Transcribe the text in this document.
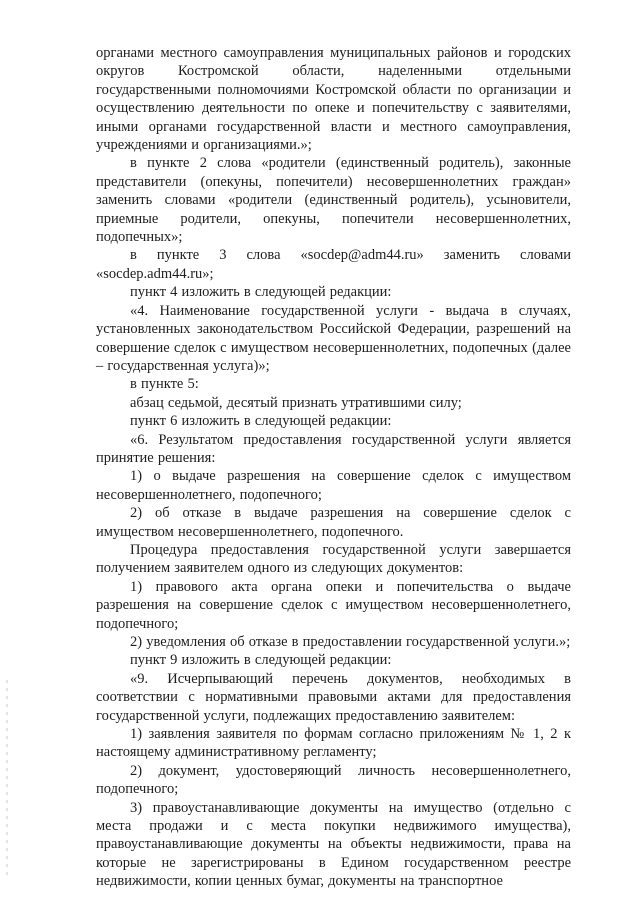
органами местного самоуправления муниципальных районов и городских округов Костромской области, наделенными отдельными государственными полномочиями Костромской области по организации и осуществлению деятельности по опеке и попечительству с заявителями, иными органами государственной власти и местного самоуправления, учреждениями и организациями.»;

в пункте 2 слова «родители (единственный родитель), законные представители (опекуны, попечители) несовершеннолетних граждан» заменить словами «родители (единственный родитель), усыновители, приемные родители, опекуны, попечители несовершеннолетних, подопечных»;

в пункте 3 слова «socdep@adm44.ru» заменить словами «socdep.adm44.ru»;

пункт 4 изложить в следующей редакции:

«4. Наименование государственной услуги - выдача в случаях, установленных законодательством Российской Федерации, разрешений на совершение сделок с имуществом несовершеннолетних, подопечных (далее – государственная услуга)»;

в пункте 5:

абзац седьмой, десятый признать утратившими силу;

пункт 6 изложить в следующей редакции:

«6. Результатом предоставления государственной услуги является принятие решения:

1) о выдаче разрешения на совершение сделок с имуществом несовершеннолетнего, подопечного;

2) об отказе в выдаче разрешения на совершение сделок с имуществом несовершеннолетнего, подопечного.

Процедура предоставления государственной услуги завершается получением заявителем одного из следующих документов:

1) правового акта органа опеки и попечительства о выдаче разрешения на совершение сделок с имуществом несовершеннолетнего, подопечного;

2) уведомления об отказе в предоставлении государственной услуги.»;

пункт 9 изложить в следующей редакции:

«9. Исчерпывающий перечень документов, необходимых в соответствии с нормативными правовыми актами для предоставления государственной услуги, подлежащих предоставлению заявителем:

1) заявления заявителя по формам согласно приложениям № 1, 2 к настоящему административному регламенту;

2) документ, удостоверяющий личность несовершеннолетнего, подопечного;

3) правоустанавливающие документы на имущество (отдельно с места продажи и с места покупки недвижимого имущества), правоустанавливающие документы на объекты недвижимости, права на которые не зарегистрированы в Едином государственном реестре недвижимости, копии ценных бумаг, документы на транспортное
